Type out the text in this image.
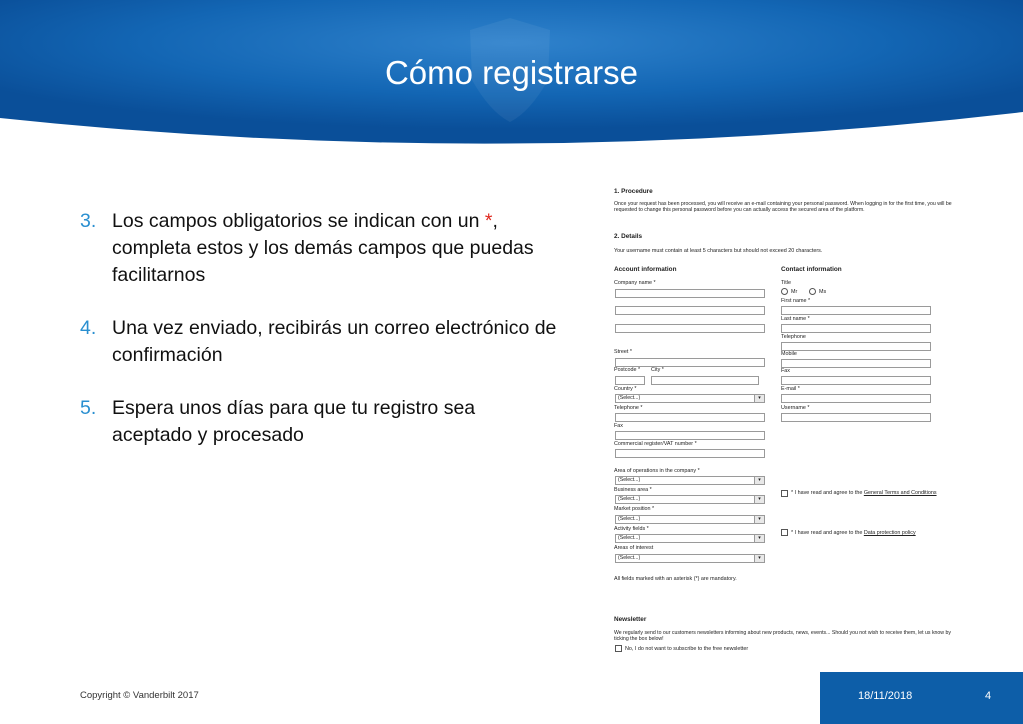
Cómo registrarse
3. Los campos obligatorios se indican con un *, completa estos y los demás campos que puedas facilitarnos
4. Una vez enviado, recibirás un correo electrónico de confirmación
5. Espera unos días para que tu registro sea aceptado y procesado
1. Procedure
Once your request has been processed, you will receive an e-mail containing your personal password. When logging in for the first time, you will be requested to change this personal password before you can actually access the secured area of the platform.
2. Details
Your username must contain at least 5 characters but should not exceed 20 characters.
Account information
Company name *
Street *
Postcode * City *
Country *
(Select...)	▾
Telephone *
Fax
Commercial register/VAT number *
Area of operations in the company *
(Select...)	▾
Business area *
(Select...)	▾
Market position *
(Select...)	▾
Activity fields *
(Select...)	▾
Areas of interest
(Select...)	▾
All fields marked with an asterisk (*) are mandatory.
Contact information
Title
Mr	Ms
First name *
Last name *
Telephone
Mobile
Fax
E-mail *
Username *
* I have read and agree to the General Terms and Conditions
* I have read and agree to the Data protection policy
Newsletter
We regularly send to our customers newsletters informing about new products, news, events... Should you not wish to receive them, let us know by ticking the box below!
No, I do not want to subscribe to the free newsletter
Copyright © Vanderbilt 2017	18/11/2018	4
